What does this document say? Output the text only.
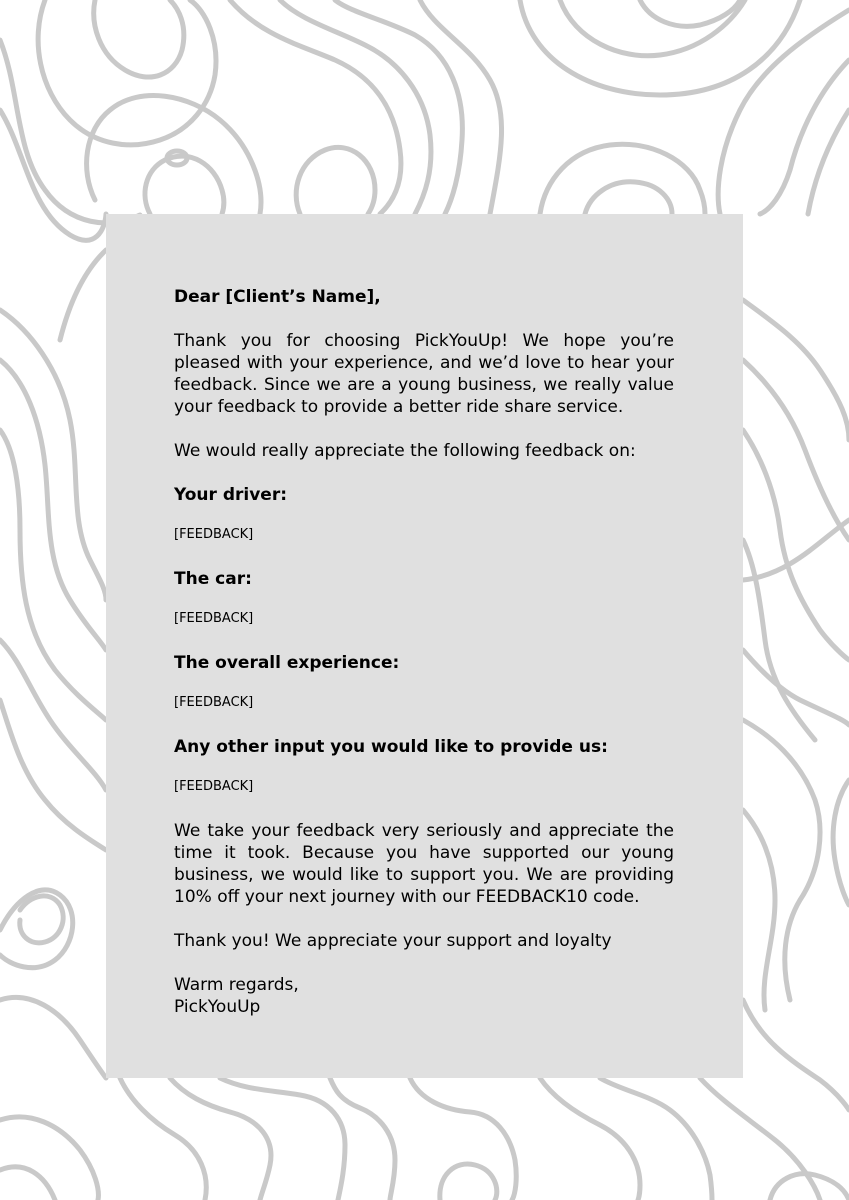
Dear [Client’s Name],

Thank you for choosing PickYouUp! We hope you’re pleased with your experience, and we’d love to hear your feedback. Since we are a young business, we really value your feedback to provide a better ride share service.

We would really appreciate the following feedback on:

Your driver:

[FEEDBACK]

The car:

[FEEDBACK]

The overall experience:

[FEEDBACK]

Any other input you would like to provide us:

[FEEDBACK]

We take your feedback very seriously and appreciate the time it took. Because you have supported our young business, we would like to support you. We are providing 10% off your next journey with our FEEDBACK10 code.

Thank you! We appreciate your support and loyalty

Warm regards,

PickYouUp
